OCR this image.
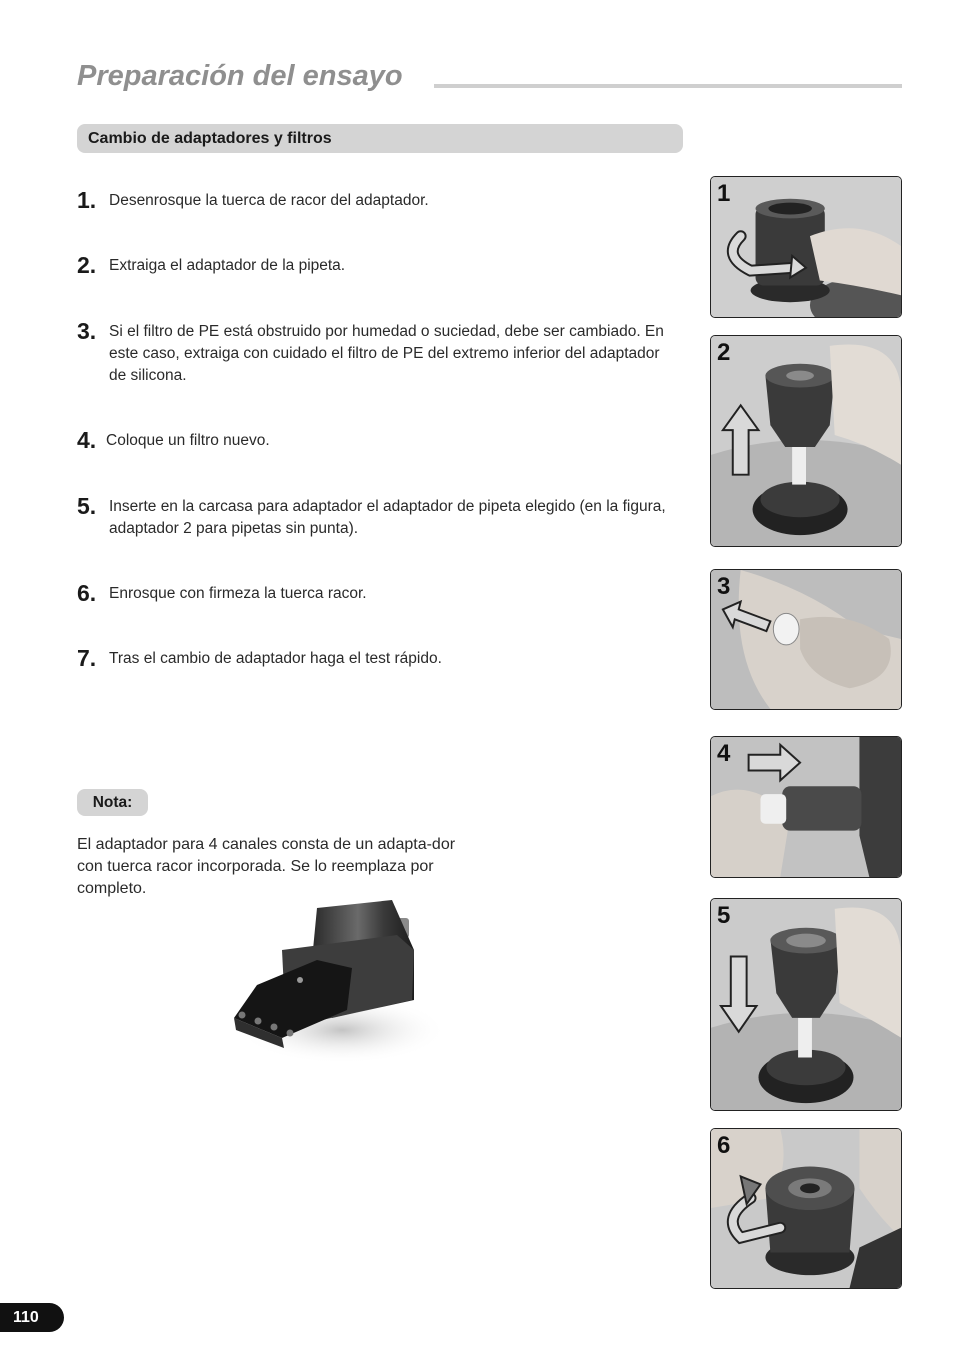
Preparación del ensayo
Cambio de adaptadores y filtros
1. Desenrosque la tuerca de racor del adaptador.
2. Extraiga el adaptador de la pipeta.
3. Si el filtro de PE está obstruido por humedad o suciedad, debe ser cambiado. En este caso, extraiga con cuidado el filtro de PE del extremo inferior del adaptador de silicona.
4. Coloque un filtro nuevo.
5. Inserte en la carcasa para adaptador el adaptador de pipeta elegido (en la figura, adaptador 2 para pipetas sin punta).
6. Enrosque con firmeza la tuerca racor.
7. Tras el cambio de adaptador haga el test rápido.
Nota:
El adaptador para 4 canales consta de un adapta-dor con tuerca racor incorporada. Se lo reemplaza por completo.
1
2
3
4
5
6
110
